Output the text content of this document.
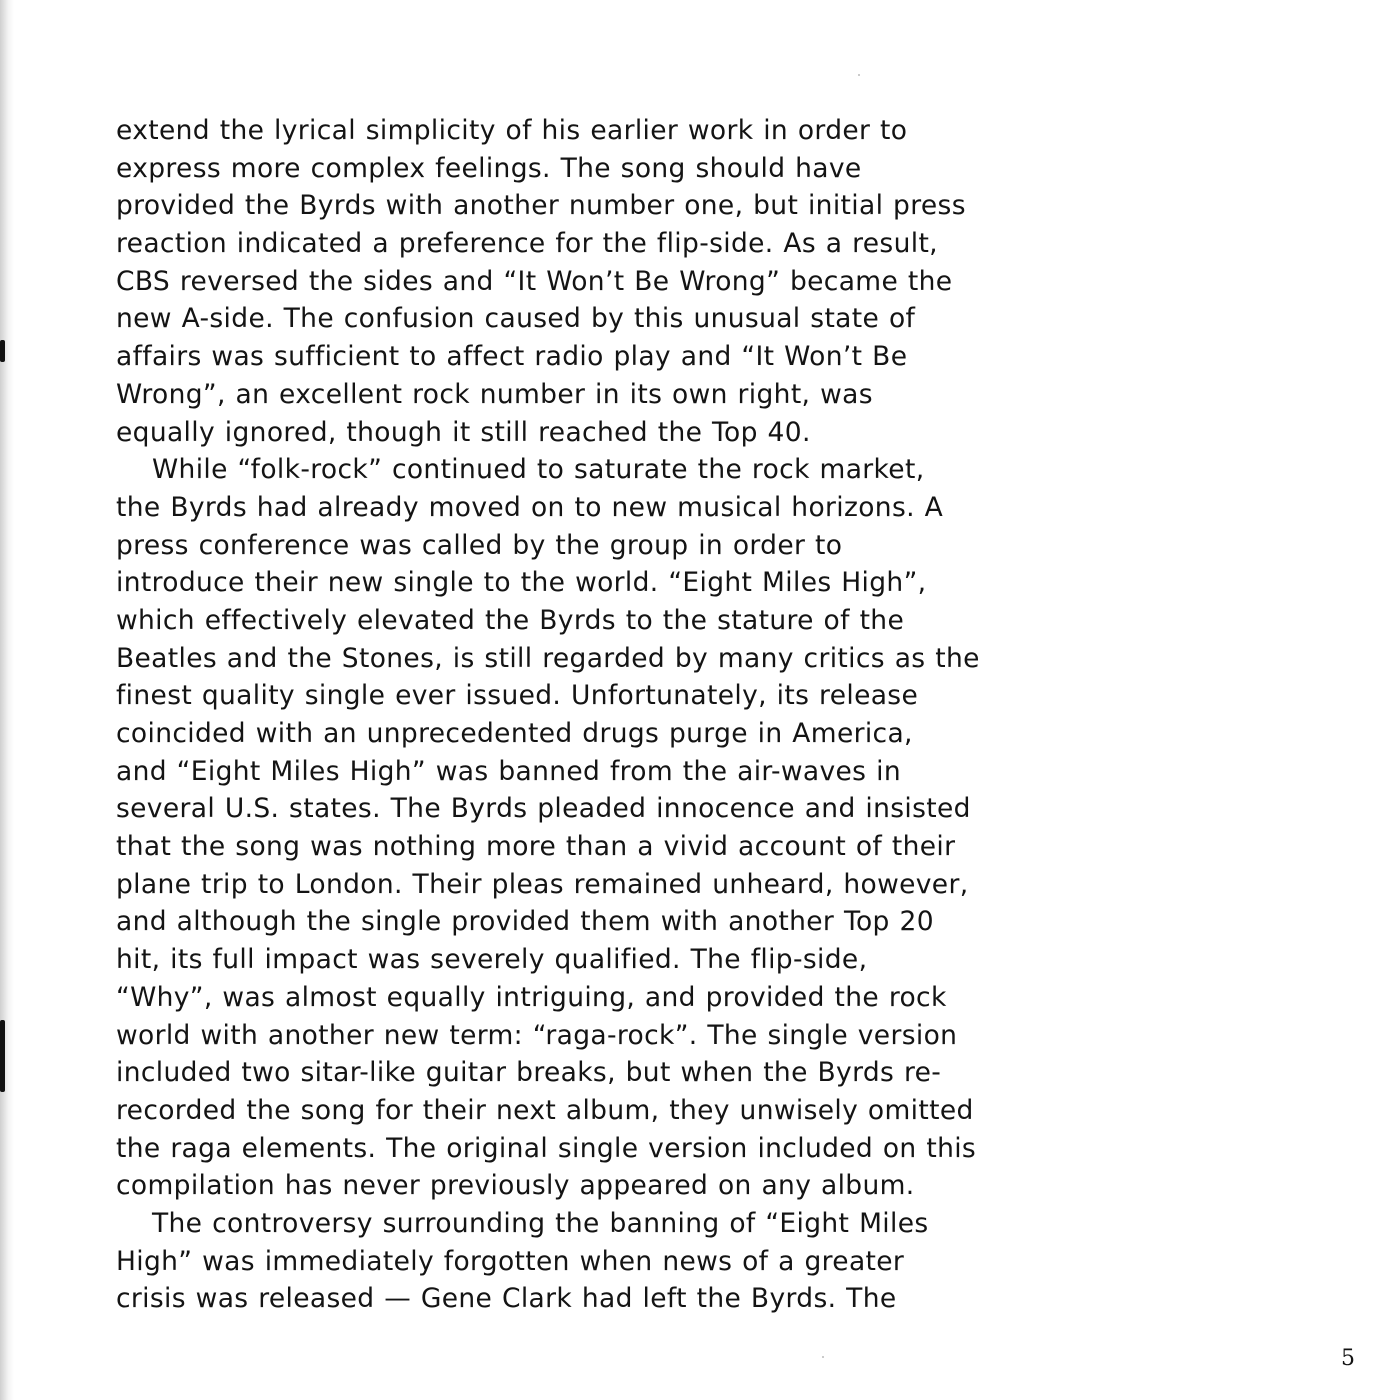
extend the lyrical simplicity of his earlier work in order to
express more complex feelings. The song should have
provided the Byrds with another number one, but initial press
reaction indicated a preference for the flip-side. As a result,
CBS reversed the sides and “It Won’t Be Wrong” became the
new A-side. The confusion caused by this unusual state of
affairs was sufficient to affect radio play and “It Won’t Be
Wrong”, an excellent rock number in its own right, was
equally ignored, though it still reached the Top 40.
While “folk-rock” continued to saturate the rock market,
the Byrds had already moved on to new musical horizons. A
press conference was called by the group in order to
introduce their new single to the world. “Eight Miles High”,
which effectively elevated the Byrds to the stature of the
Beatles and the Stones, is still regarded by many critics as the
finest quality single ever issued. Unfortunately, its release
coincided with an unprecedented drugs purge in America,
and “Eight Miles High” was banned from the air-waves in
several U.S. states. The Byrds pleaded innocence and insisted
that the song was nothing more than a vivid account of their
plane trip to London. Their pleas remained unheard, however,
and although the single provided them with another Top 20
hit, its full impact was severely qualified. The flip-side,
“Why”, was almost equally intriguing, and provided the rock
world with another new term: “raga-rock”. The single version
included two sitar-like guitar breaks, but when the Byrds re-
recorded the song for their next album, they unwisely omitted
the raga elements. The original single version included on this
compilation has never previously appeared on any album.
The controversy surrounding the banning of “Eight Miles
High” was immediately forgotten when news of a greater
crisis was released — Gene Clark had left the Byrds. The
5
